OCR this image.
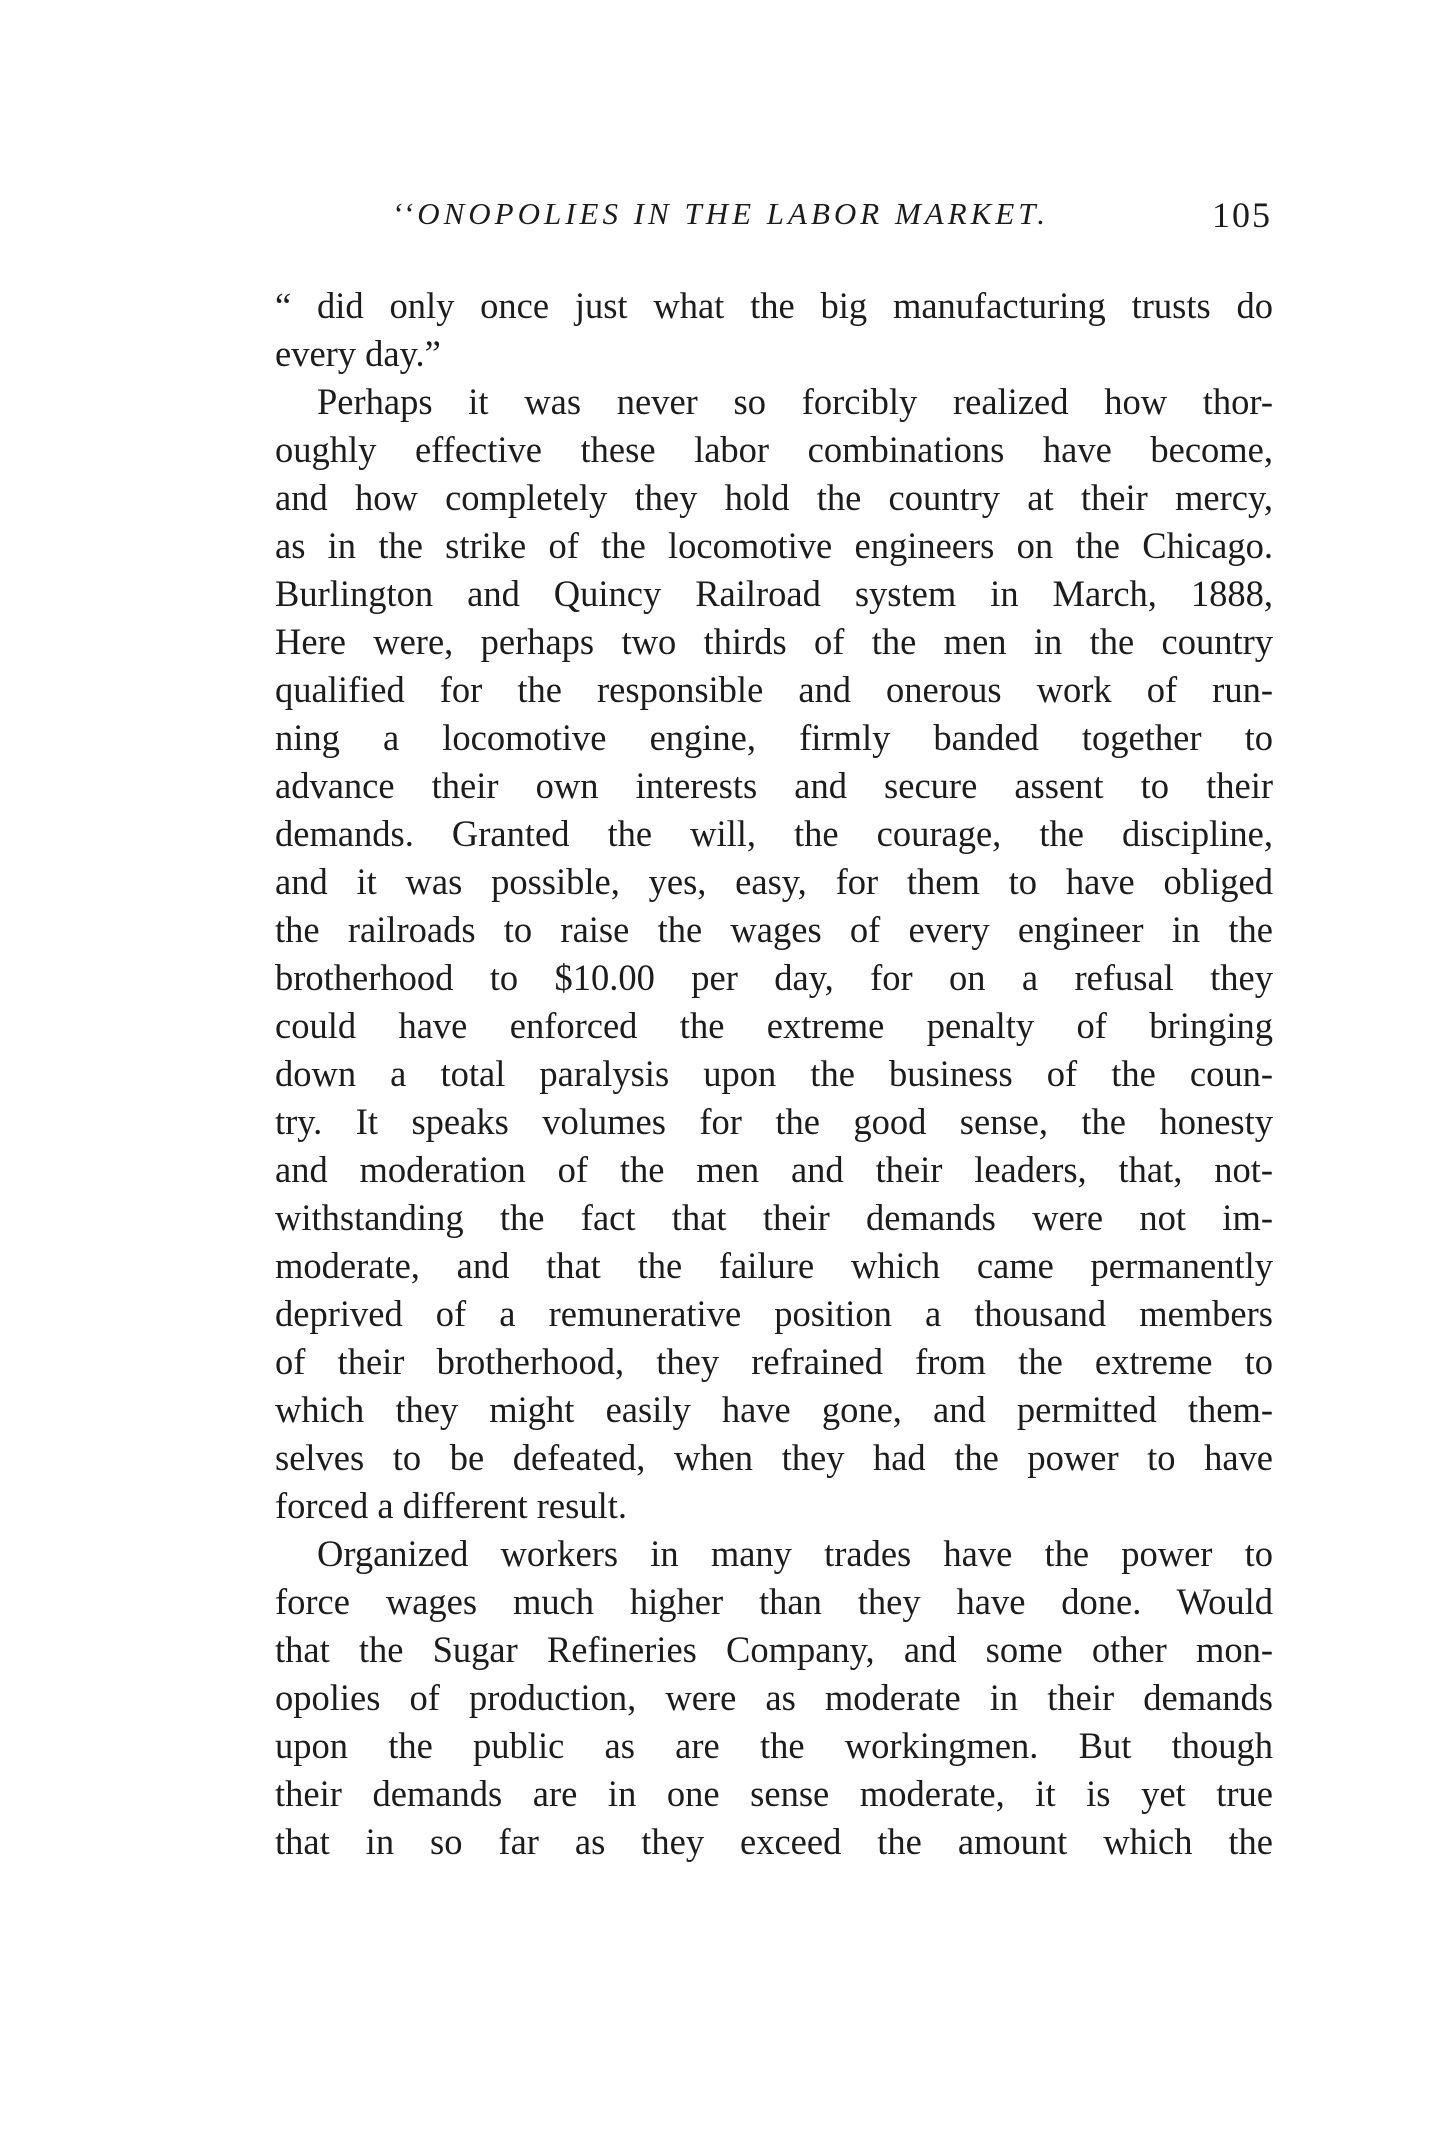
‘‘ONOPOLIES IN THE LABOR MARKET.	105
“ did only once just what the big manufacturing trusts do
every day.”
Perhaps it was never so forcibly realized how thor-
oughly effective these labor combinations have become,
and how completely they hold the country at their mercy,
as in the strike of the locomotive engineers on the Chicago.
Burlington and Quincy Railroad system in March, 1888,
Here were, perhaps two thirds of the men in the country
qualified for the responsible and onerous work of run-
ning a locomotive engine, firmly banded together to
advance their own interests and secure assent to their
demands. Granted the will, the courage, the discipline,
and it was possible, yes, easy, for them to have obliged
the railroads to raise the wages of every engineer in the
brotherhood to $10.00 per day, for on a refusal they
could have enforced the extreme penalty of bringing
down a total paralysis upon the business of the coun-
try. It speaks volumes for the good sense, the honesty
and moderation of the men and their leaders, that, not-
withstanding the fact that their demands were not im-
moderate, and that the failure which came permanently
deprived of a remunerative position a thousand members
of their brotherhood, they refrained from the extreme to
which they might easily have gone, and permitted them-
selves to be defeated, when they had the power to have
forced a different result.
Organized workers in many trades have the power to
force wages much higher than they have done. Would
that the Sugar Refineries Company, and some other mon-
opolies of production, were as moderate in their demands
upon the public as are the workingmen. But though
their demands are in one sense moderate, it is yet true
that in so far as they exceed the amount which the
